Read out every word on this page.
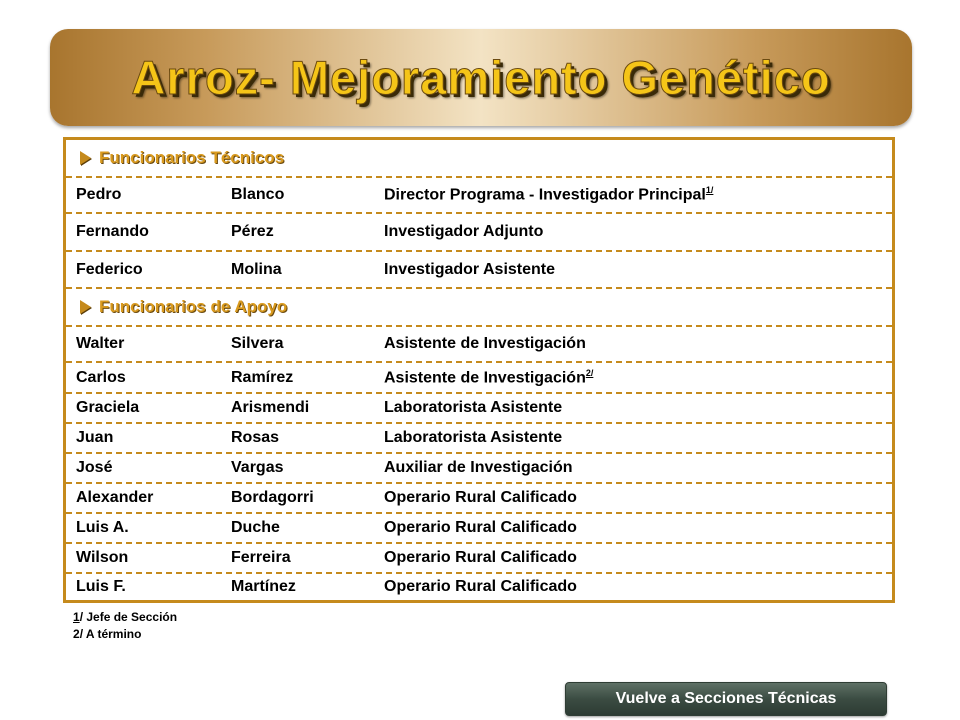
Arroz- Mejoramiento Genético
Funcionarios Técnicos
Pedro	Blanco	Director Programa - Investigador Principal$^{1/}$
Fernando	Pérez	Investigador Adjunto
Federico	Molina	Investigador Asistente
Funcionarios de Apoyo
Walter	Silvera	Asistente de Investigación
Carlos	Ramírez	Asistente de Investigación$^{2/}$
Graciela	Arismendi	Laboratorista Asistente
Juan	Rosas	Laboratorista Asistente
José	Vargas	Auxiliar de Investigación
Alexander	Bordagorri	Operario Rural Calificado
Luis A.	Duche	Operario Rural Calificado
Wilson	Ferreira	Operario Rural Calificado
Luis F.	Martínez	Operario Rural Calificado
1/ Jefe de Sección
2/ A término
Vuelve a Secciones Técnicas
